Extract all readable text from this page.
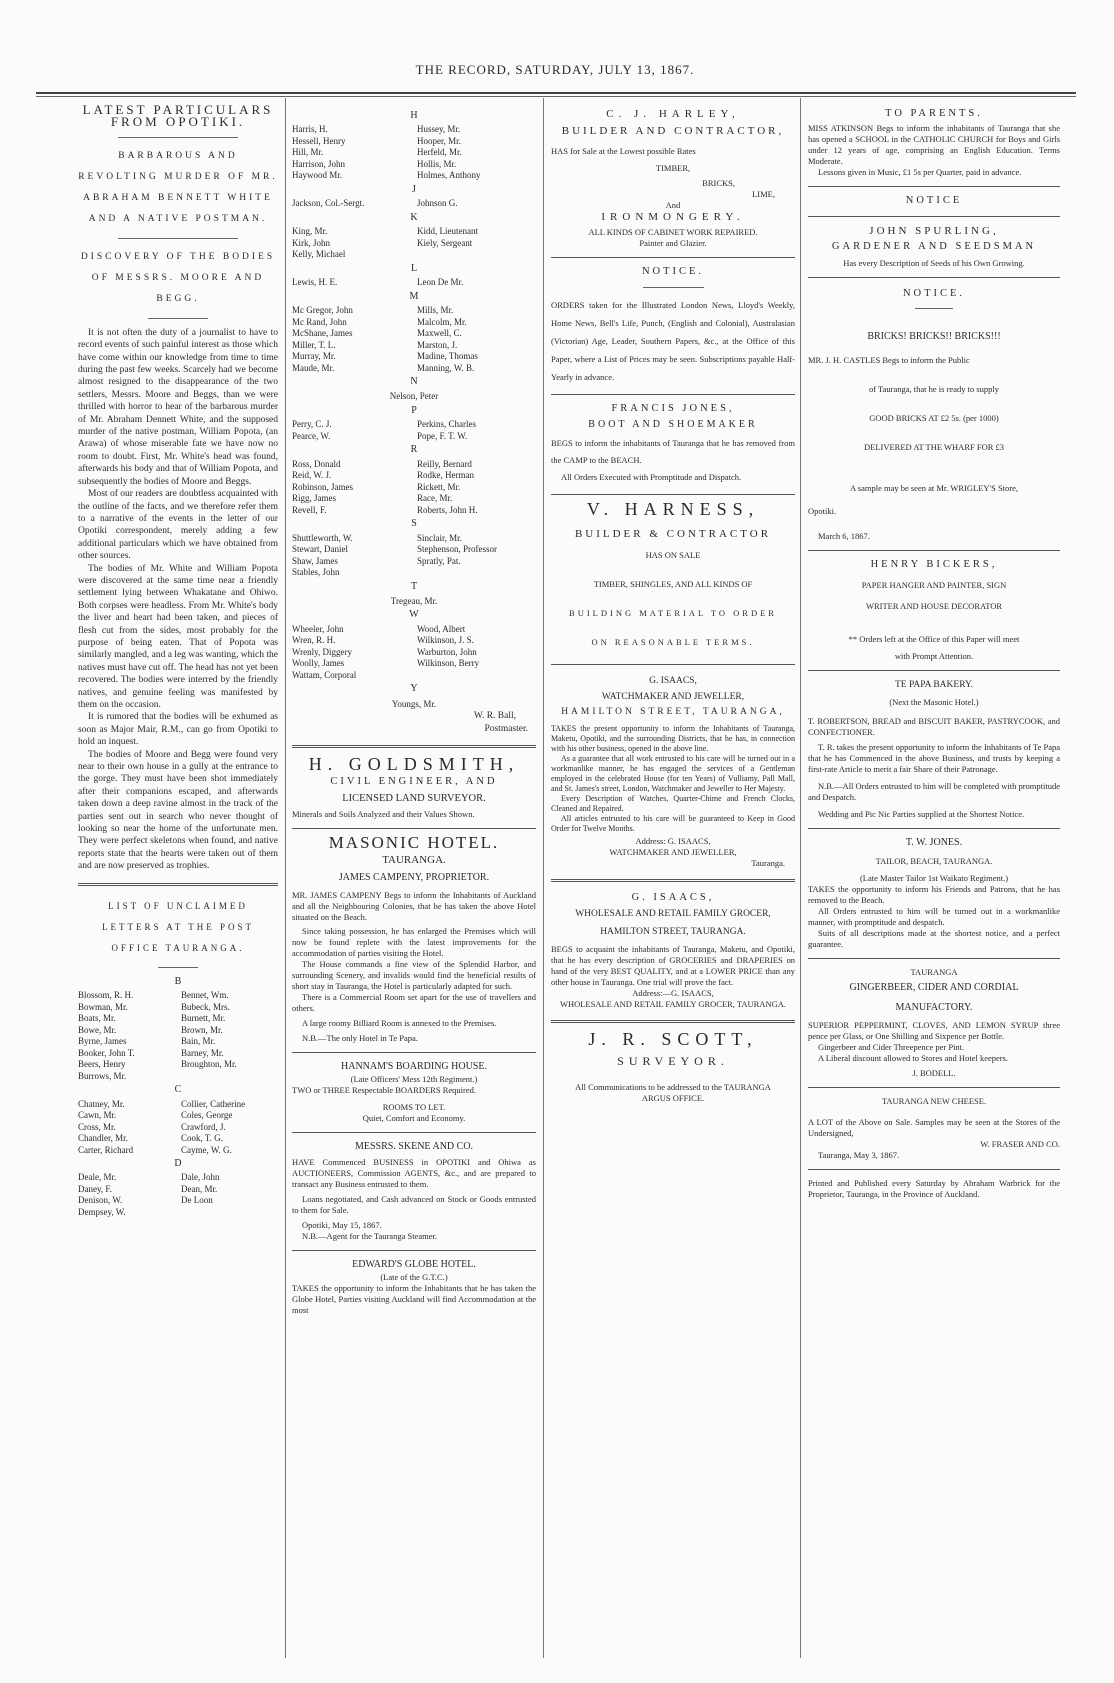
THE RECORD, SATURDAY, JULY 13, 1867.

LATEST PARTICULARS FROM OPOTIKI.

BARBAROUS AND REVOLTING MURDER OF MR. ABRAHAM BENNETT WHITE AND A NATIVE POSTMAN.

DISCOVERY OF THE BODIES OF MESSRS. MOORE AND BEGG.

It is not often the duty of a journalist to have to record events of such painful interest as those which have come within our knowledge from time to time during the past few weeks. Scarcely had we become almost resigned to the disappearance of the two settlers, Messrs. Moore and Beggs, than we were thrilled with horror to hear of the barbarous murder of Mr. Abraham Dennett White, and the supposed murder of the native postman, William Popota, (an Arawa) of whose miserable fate we have now no room to doubt. First, Mr. White's head was found, afterwards his body and that of William Popota, and subsequently the bodies of Moore and Beggs.

Most of our readers are doubtless acquainted with the outline of the facts, and we therefore refer them to a narrative of the events in the letter of our Opotiki correspondent, merely adding a few additional particulars which we have obtained from other sources.

The bodies of Mr. White and William Popota were discovered at the same time near a friendly settlement lying between Whakatane and Ohiwo. Both corpses were headless. From Mr. White's body the liver and heart had been taken, and pieces of flesh cut from the sides, most probably for the purpose of being eaten. That of Popota was similarly mangled, and a leg was wanting, which the natives must have cut off. The head has not yet been recovered. The bodies were interred by the friendly natives, and genuine feeling was manifested by them on the occasion.

It is rumored that the bodies will be exhumed as soon as Major Mair, R.M., can go from Opotiki to hold an inquest.

The bodies of Moore and Begg were found very near to their own house in a gully at the entrance to the gorge. They must have been shot immediately after their companions escaped, and afterwards taken down a deep ravine almost in the track of the parties sent out in search who never thought of looking so near the home of the unfortunate men. They were perfect skeletons when found, and native reports state that the hearts were taken out of them and are now preserved as trophies.

LIST OF UNCLAIMED LETTERS AT THE POST OFFICE TAURANGA.

B
Blossom, R. H.	Bennet, Wm.
Bowman, Mr.	Bubeck, Mrs.
Boats, Mr.	Burnett, Mr.
Bowe, Mr.	Brown, Mr.
Byrne, James	Bain, Mr.
Booker, John T.	Barney, Mr.
Beers, Henry	Broughton, Mr.
Burrows, Mr.
C
Chatney, Mr.	Collier, Catherine
Cawn, Mr.	Coles, George
Cross, Mr.	Crawford, J.
Chandler, Mr.	Cook, T. G.
Carter, Richard	Cayme, W. G.
D
Deale, Mr.	Dale, John
Daney, F.	Dean, Mr.
Denison, W.	De Loon
Dempsey, W.
H
Harris, H.	Hussey, Mr.
Hessell, Henry	Hooper, Mr.
Hill, Mr.	Herfeld, Mr.
Harrison, John	Hollis, Mr.
Haywood Mr.	Holmes, Anthony
J
Jackson, Col.-Sergt.	Johnson G.
K
King, Mr.	Kidd, Lieutenant
Kirk, John	Kiely, Sergeant
Kelly, Michael
L
Lewis, H. E.	Leon De Mr.
M
Mc Gregor, John	Mills, Mr.
Mc Rand, John	Malcolm, Mr.
McShane, James	Maxwell, C.
Miller, T. L.	Marston, J.
Murray, Mr.	Madine, Thomas
Maude, Mr.	Manning, W. B.
N
Nelson, Peter
P
Perry, C. J.	Perkins, Charles
Pearce, W.	Pope, F. T. W.
R
Ross, Donald	Reilly, Bernard
Reid, W. J.	Rodke, Herman
Robinson, James	Rickett, Mr.
Rigg, James	Race, Mr.
Revell, F.	Roberts, John H.
S
Shuttleworth, W.	Sinclair, Mr.
Stewart, Daniel	Stephenson, Professor
Shaw, James	Spratly, Pat.
Stables, John
T
Tregeau, Mr.
W
Wheeler, John	Wood, Albert
Wren, R. H.	Wilkinson, J. S.
Wrenly, Diggery	Warburton, John
Woolly, James	Wilkinson, Berry
Wattam, Corporal
Y
Youngs, Mr.

W. R. Ball,

Postmaster.

H. GOLDSMITH,

CIVIL ENGINEER, AND

LICENSED LAND SURVEYOR.

Minerals and Soils Analyzed and their Values Shown.

MASONIC HOTEL.

TAURANGA.

JAMES CAMPENY, PROPRIETOR.

MR. JAMES CAMPENY Begs to inform the Inhabitants of Auckland and all the Neighbouring Colonies, that he has taken the above Hotel situated on the Beach.

Since taking possession, he has enlarged the Premises which will now be found replete with the latest improvements for the accommodation of parties visiting the Hotel.

The House commands a fine view of the Splendid Harbor, and surrounding Scenery, and invalids would find the beneficial results of short stay in Tauranga, the Hotel is particularly adapted for such.

There is a Commercial Room set apart for the use of travellers and others.

A large roomy Billiard Room is annexed to the Premises.

N.B.—The only Hotel in Te Papa.

HANNAM'S BOARDING HOUSE.

(Late Officers' Mess 12th Regiment.)

TWO or THREE Respectable BOARDERS Required.

ROOMS TO LET.

Quiet, Comfort and Economy.

MESSRS. SKENE AND CO.

HAVE Commenced BUSINESS in OPOTIKI and Ohiwa as AUCTIONEERS, Commission AGENTS, &c., and are prepared to transact any Business entrusted to them.

Loans negotiated, and Cash advanced on Stock or Goods entrusted to them for Sale.

Opotiki, May 15, 1867.

N.B.—Agent for the Tauranga Steamer.

EDWARD'S GLOBE HOTEL.

(Late of the G.T.C.)

TAKES the opportunity to inform the Inhabitants that he has taken the Globe Hotel, Parties visiting Auckland will find Accommodation at the most

C. J. HARLEY,

BUILDER AND CONTRACTOR,

HAS for Sale at the Lowest possible Rates

TIMBER,

BRICKS,

LIME,

And

IRONMONGERY.

ALL KINDS OF CABINET WORK REPAIRED.

Painter and Glazier.

NOTICE.

ORDERS taken for the Illustrated London News, Lloyd's Weekly, Home News, Bell's Life, Punch, (English and Colonial), Australasian (Victorian) Age, Leader, Southern Papers, &c., at the Office of this Paper, where a List of Prices may be seen. Subscriptions payable Half-Yearly in advance.

FRANCIS JONES,

BOOT AND SHOEMAKER

BEGS to inform the inhabitants of Tauranga that he has removed from the CAMP to the BEACH.

All Orders Executed with Promptitude and Dispatch.

V. HARNESS,

BUILDER & CONTRACTOR

HAS ON SALE

TIMBER, SHINGLES, AND ALL KINDS OF

BUILDING MATERIAL TO ORDER

ON REASONABLE TERMS.

G. ISAACS,

WATCHMAKER AND JEWELLER,

HAMILTON STREET, TAURANGA,

TAKES the present opportunity to inform the Inhabitants of Tauranga, Maketu, Opotiki, and the surrounding Districts, that he has, in connection with his other business, opened in the above line.

As a guarantee that all work entrusted to his care will be turned out in a workmanlike manner, he has engaged the services of a Gentleman employed in the celebrated House (for ten Years) of Vulliamy, Pall Mall, and St. James's street, London, Watchmaker and Jeweller to Her Majesty.

Every Description of Watches, Quarter-Chime and French Clocks, Cleaned and Repaired.

All articles entrusted to his care will be guaranteed to Keep in Good Order for Twelve Months.

Address: G. ISAACS,

WATCHMAKER AND JEWELLER,

Tauranga.

G. ISAACS,

WHOLESALE AND RETAIL FAMILY GROCER,

HAMILTON STREET, TAURANGA.

BEGS to acquaint the inhabitants of Tauranga, Maketu, and Opotiki, that he has every description of GROCERIES and DRAPERIES on hand of the very BEST QUALITY, and at a LOWER PRICE than any other house in Tauranga. One trial will prove the fact.

Address:—G. ISAACS,

WHOLESALE AND RETAIL FAMILY GROCER, TAURANGA.

J. R. SCOTT,

SURVEYOR.

All Communications to be addressed to the TAURANGA

ARGUS OFFICE.

TO PARENTS.

MISS ATKINSON Begs to inform the inhabitants of Tauranga that she has opened a SCHOOL in the CATHOLIC CHURCH for Boys and Girls under 12 years of age, comprising an English Education. Terms Moderate.

Lessons given in Music, £1 5s per Quarter, paid in advance.

NOTICE

JOHN SPURLING,

GARDENER AND SEEDSMAN

Has every Description of Seeds of his Own Growing.

NOTICE.

BRICKS! BRICKS!! BRICKS!!!

MR. J. H. CASTLES Begs to inform the Public

of Tauranga, that he is ready to supply

GOOD BRICKS AT £2 5s. (per 1000)

DELIVERED AT THE WHARF FOR £3

A sample may be seen at Mr. WRIGLEY'S Store,

Opotiki.

March 6, 1867.

HENRY BICKERS,

PAPER HANGER AND PAINTER, SIGN

WRITER AND HOUSE DECORATOR

** Orders left at the Office of this Paper will meet

with Prompt Attention.

TE PAPA BAKERY.

(Next the Masonic Hotel.)

T. ROBERTSON, BREAD and BISCUIT BAKER, PASTRYCOOK, and CONFECTIONER.

T. R. takes the present opportunity to inform the Inhabitants of Te Papa that he has Commenced in the above Business, and trusts by keeping a first-rate Article to merit a fair Share of their Patronage.

N.B.—All Orders entrusted to him will be completed with promptitude and Despatch.

Wedding and Pic Nic Parties supplied at the Shortest Notice.

T. W. JONES.

TAILOR, BEACH, TAURANGA.

(Late Master Tailor 1st Waikato Regiment.)

TAKES the opportunity to inform his Friends and Patrons, that he has removed to the Beach.

All Orders entrusted to him will be turned out in a workmanlike manner, with promptitude and despatch.

Suits of all descriptions made at the shortest notice, and a perfect guarantee.

TAURANGA

GINGERBEER, CIDER AND CORDIAL

MANUFACTORY.

SUPERIOR PEPPERMINT, CLOVES, AND LEMON SYRUP three pence per Glass, or One Shilling and Sixpence per Bottle.

Gingerbeer and Cider Threepence per Pint.

A Liberal discount allowed to Stores and Hotel keepers.

J. BODELL.

TAURANGA NEW CHEESE.

A LOT of the Above on Sale. Samples may be seen at the Stores of the Undersigned,

W. FRASER AND CO.

Tauranga, May 3, 1867.

Printed and Published every Saturday by Abraham Warbrick for the Proprietor, Tauranga, in the Province of Auckland.
